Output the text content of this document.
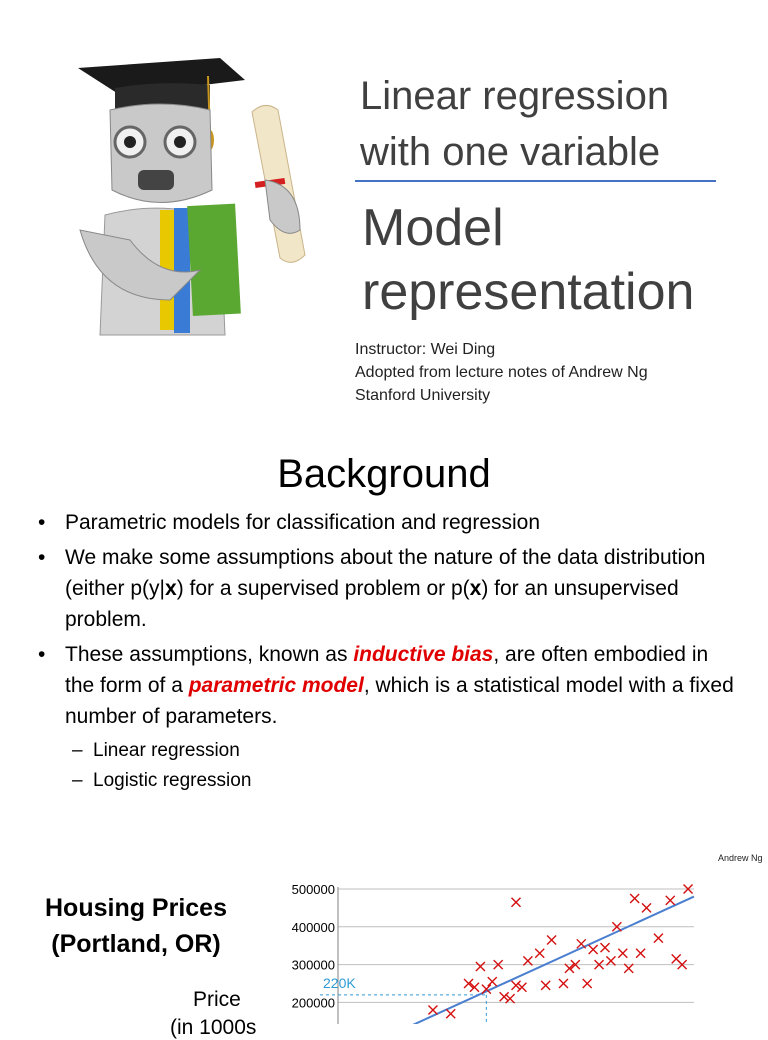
Linear regression
with one variable
Model
representation
Instructor: Wei Ding
Adopted from lecture notes of Andrew Ng
Stanford University
Background
• Parametric models for classification and regression
• We make some assumptions about the nature of the data distribution (either p(y|x) for a supervised problem or p(x) for an unsupervised problem.
• These assumptions, known as inductive bias, are often embodied in the form of a parametric model, which is a statistical model with a fixed number of parameters.
– Linear regression
– Logistic regression
Andrew Ng
Housing Prices
(Portland, OR)
Price
(in 1000s
500000
400000
300000
200000
220K
